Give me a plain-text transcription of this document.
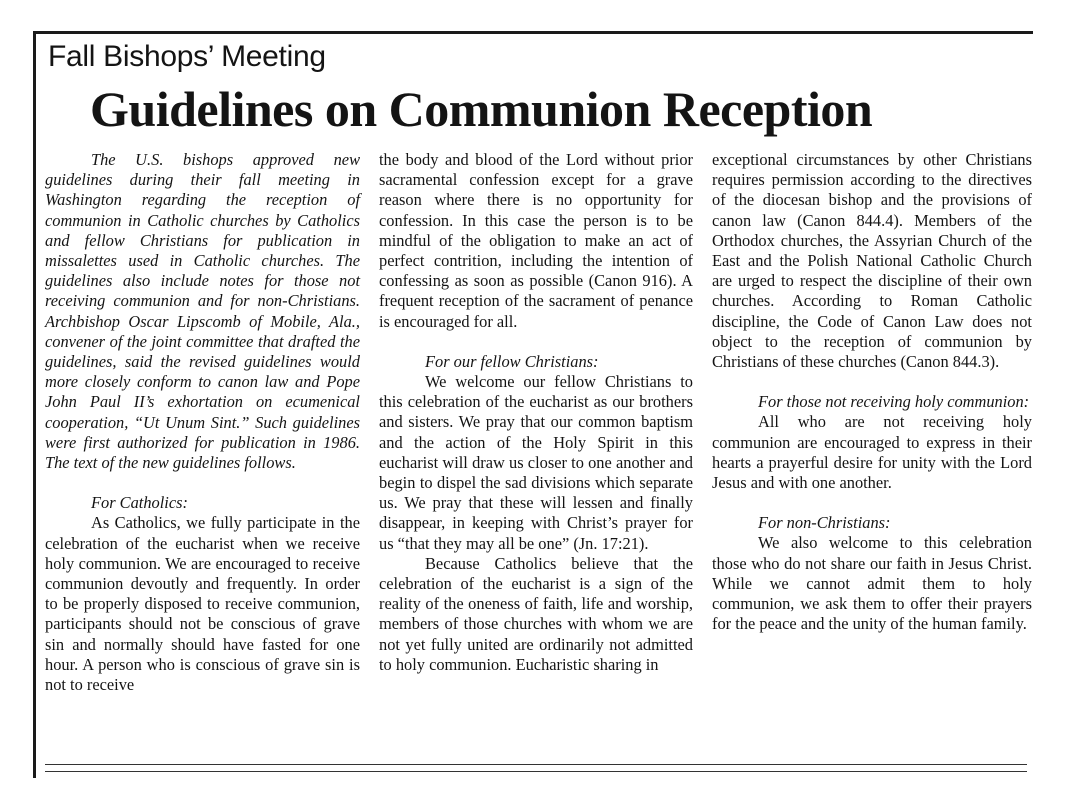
Fall Bishops’ Meeting
Guidelines on Communion Reception

The U.S. bishops approved new guidelines during their fall meeting in Washington regarding the reception of communion in Catholic churches by Catholics and fellow Christians for publication in missalettes used in Catholic churches. The guidelines also include notes for those not receiving communion and for non-Christians. Archbishop Oscar Lipscomb of Mobile, Ala., convener of the joint committee that drafted the guidelines, said the revised guidelines would more closely conform to canon law and Pope John Paul II’s exhortation on ecumenical cooperation, “Ut Unum Sint.” Such guidelines were first authorized for publication in 1986. The text of the new guidelines follows.

For Catholics:

As Catholics, we fully participate in the celebration of the eucharist when we receive holy communion. We are encouraged to receive communion devoutly and frequently. In order to be properly disposed to receive communion, participants should not be conscious of grave sin and normally should have fasted for one hour. A person who is conscious of grave sin is not to receive

the body and blood of the Lord without prior sacramental confession except for a grave reason where there is no opportunity for confession. In this case the person is to be mindful of the obligation to make an act of perfect contrition, including the intention of confessing as soon as possible (Canon 916). A frequent reception of the sacrament of penance is encouraged for all.

For our fellow Christians:

We welcome our fellow Christians to this celebration of the eucharist as our brothers and sisters. We pray that our common baptism and the action of the Holy Spirit in this eucharist will draw us closer to one another and begin to dispel the sad divisions which separate us. We pray that these will lessen and finally disappear, in keeping with Christ’s prayer for us “that they may all be one” (Jn. 17:21).

Because Catholics believe that the celebration of the eucharist is a sign of the reality of the oneness of faith, life and worship, members of those churches with whom we are not yet fully united are ordinarily not admitted to holy communion. Eucharistic sharing in

exceptional circumstances by other Christians requires permission according to the directives of the diocesan bishop and the provisions of canon law (Canon 844.4). Members of the Orthodox churches, the Assyrian Church of the East and the Polish National Catholic Church are urged to respect the discipline of their own churches. According to Roman Catholic discipline, the Code of Canon Law does not object to the reception of communion by Christians of these churches (Canon 844.3).

For those not receiving holy communion:

All who are not receiving holy communion are encouraged to express in their hearts a prayerful desire for unity with the Lord Jesus and with one another.

For non-Christians:

We also welcome to this celebration those who do not share our faith in Jesus Christ. While we cannot admit them to holy communion, we ask them to offer their prayers for the peace and the unity of the human family.
